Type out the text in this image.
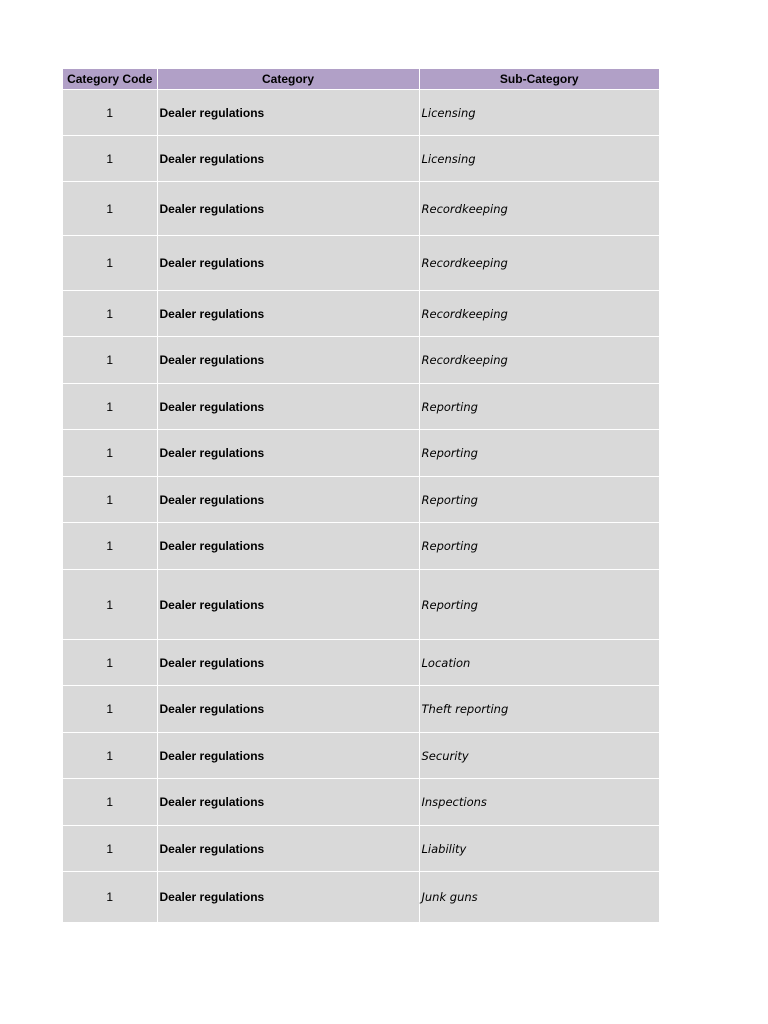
Category Code	Category	Sub-Category
1	Dealer regulations	Licensing
1	Dealer regulations	Licensing
1	Dealer regulations	Recordkeeping
1	Dealer regulations	Recordkeeping
1	Dealer regulations	Recordkeeping
1	Dealer regulations	Recordkeeping
1	Dealer regulations	Reporting
1	Dealer regulations	Reporting
1	Dealer regulations	Reporting
1	Dealer regulations	Reporting
1	Dealer regulations	Reporting
1	Dealer regulations	Location
1	Dealer regulations	Theft reporting
1	Dealer regulations	Security
1	Dealer regulations	Inspections
1	Dealer regulations	Liability
1	Dealer regulations	Junk guns
